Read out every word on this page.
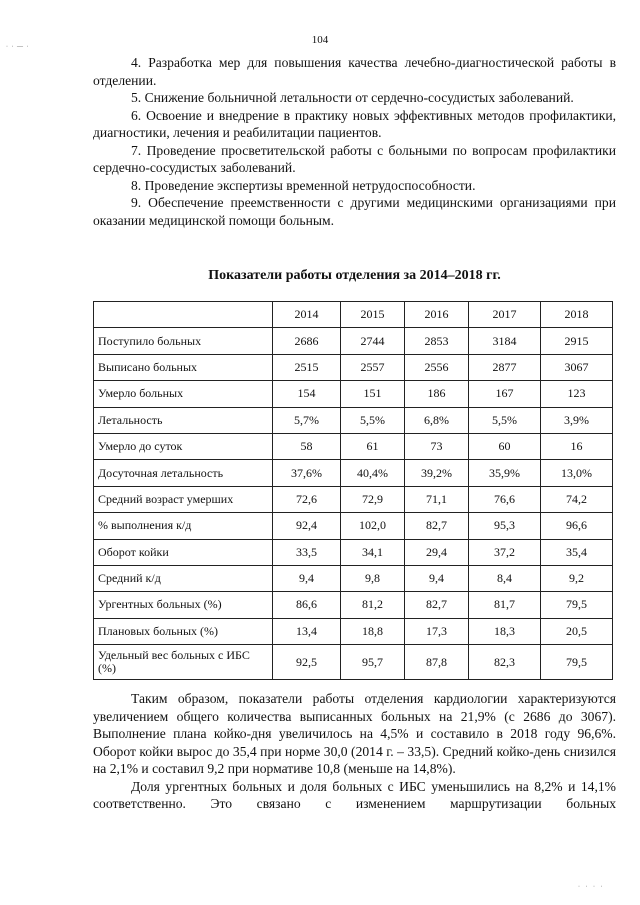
104
· · — ·

4. Разработка мер для повышения качества лечебно-диагностической работы в отделении.

5. Снижение больничной летальности от сердечно-сосудистых заболеваний.

6. Освоение и внедрение в практику новых эффективных методов профилактики, диагностики, лечения и реабилитации пациентов.

7. Проведение просветительской работы с больными по вопросам профилактики сердечно-сосудистых заболеваний.

8. Проведение экспертизы временной нетрудоспособности.

9. Обеспечение преемственности с другими медицинскими организациями при оказании медицинской помощи больным.

Показатели работы отделения за 2014–2018 гг.
	2014	2015	2016	2017	2018
Поступило больных	2686	2744	2853	3184	2915
Выписано больных	2515	2557	2556	2877	3067
Умерло больных	154	151	186	167	123
Летальность	5,7%	5,5%	6,8%	5,5%	3,9%
Умерло до суток	58	61	73	60	16
Досуточная летальность	37,6%	40,4%	39,2%	35,9%	13,0%
Средний возраст умерших	72,6	72,9	71,1	76,6	74,2
% выполнения к/д	92,4	102,0	82,7	95,3	96,6
Оборот койки	33,5	34,1	29,4	37,2	35,4
Средний к/д	9,4	9,8	9,4	8,4	9,2
Ургентных больных (%)	86,6	81,2	82,7	81,7	79,5
Плановых больных (%)	13,4	18,8	17,3	18,3	20,5
Удельный вес больных с ИБС (%)	92,5	95,7	87,8	82,3	79,5

Таким образом, показатели работы отделения кардиологии характеризуются увеличением общего количества выписанных больных на 21,9% (с 2686 до 3067). Выполнение плана койко-дня увеличилось на 4,5% и составило в 2018 году 96,6%. Оборот койки вырос до 35,4 при норме 30,0 (2014 г. – 33,5). Средний койко-день снизился на 2,1% и составил 9,2 при нормативе 10,8 (меньше на 14,8%).

Доля ургентных больных и доля больных с ИБС уменьшились на 8,2% и 14,1% соответственно. Это связано с изменением маршрутизации больных

· · · ·
